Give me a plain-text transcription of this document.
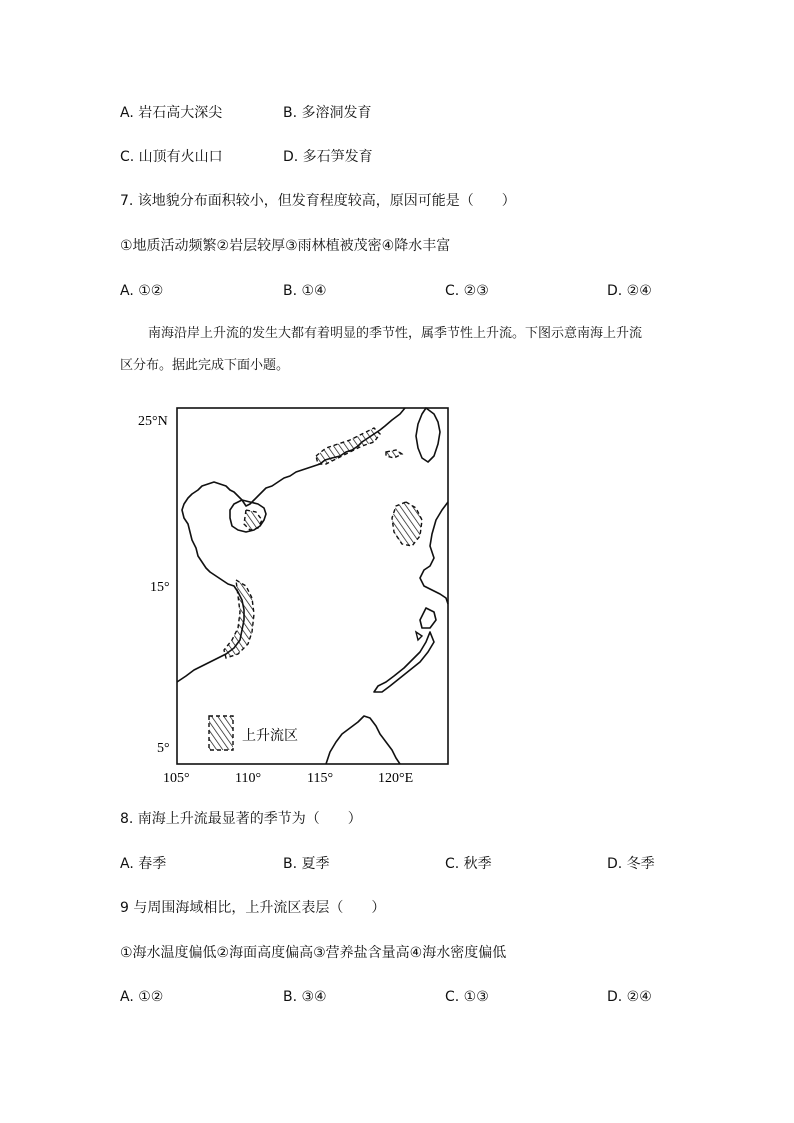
A. 岩石高大深尖	B. 多溶洞发育
C. 山顶有火山口	D. 多石笋发育
7. 该地貌分布面积较小，但发育程度较高，原因可能是（　　）
①地质活动频繁②岩层较厚③雨林植被茂密④降水丰富
A. ①②	B. ①④	C. ②③	D. ②④
南海沿岸上升流的发生大都有着明显的季节性，属季节性上升流。下图示意南海上升流
区分布。据此完成下面小题。
25°N
15°
5°
105°	110°	115°	120°E
上升流区
8. 南海上升流最显著的季节为（　　）
A. 春季	B. 夏季	C. 秋季	D. 冬季
9 与周围海域相比，上升流区表层（　　）
①海水温度偏低②海面高度偏高③营养盐含量高④海水密度偏低
A. ①②	B. ③④	C. ①③	D. ②④
